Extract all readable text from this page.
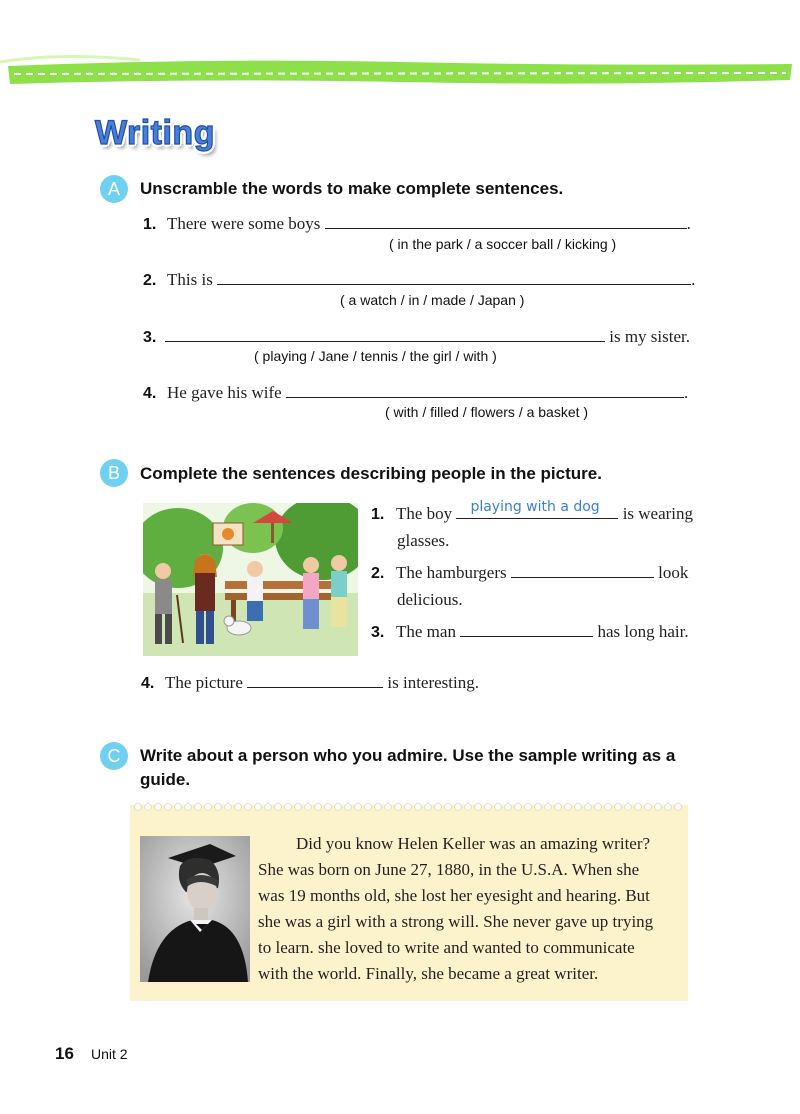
Writing
A	Unscramble the words to make complete sentences.
1. There were some boys	.
( in the park / a soccer ball / kicking )
2. This is	.
( a watch / in / made / Japan )
3.	is my sister.
( playing / Jane / tennis / the girl / with )
4. He gave his wife	.
( with / filled / flowers / a basket )
B	Complete the sentences describing people in the picture.
1. The boy playing with a dog is wearing
glasses.
2. The hamburgers	look
delicious.
3. The man	has long hair.
4. The picture	is interesting.
C	Write about a person who you admire. Use the sample writing as a
guide.
Did you know Helen Keller was an amazing writer?
She was born on June 27, 1880, in the U.S.A. When she
was 19 months old, she lost her eyesight and hearing. But
she was a girl with a strong will. She never gave up trying
to learn. she loved to write and wanted to communicate
with the world. Finally, she became a great writer.
16 Unit 2
